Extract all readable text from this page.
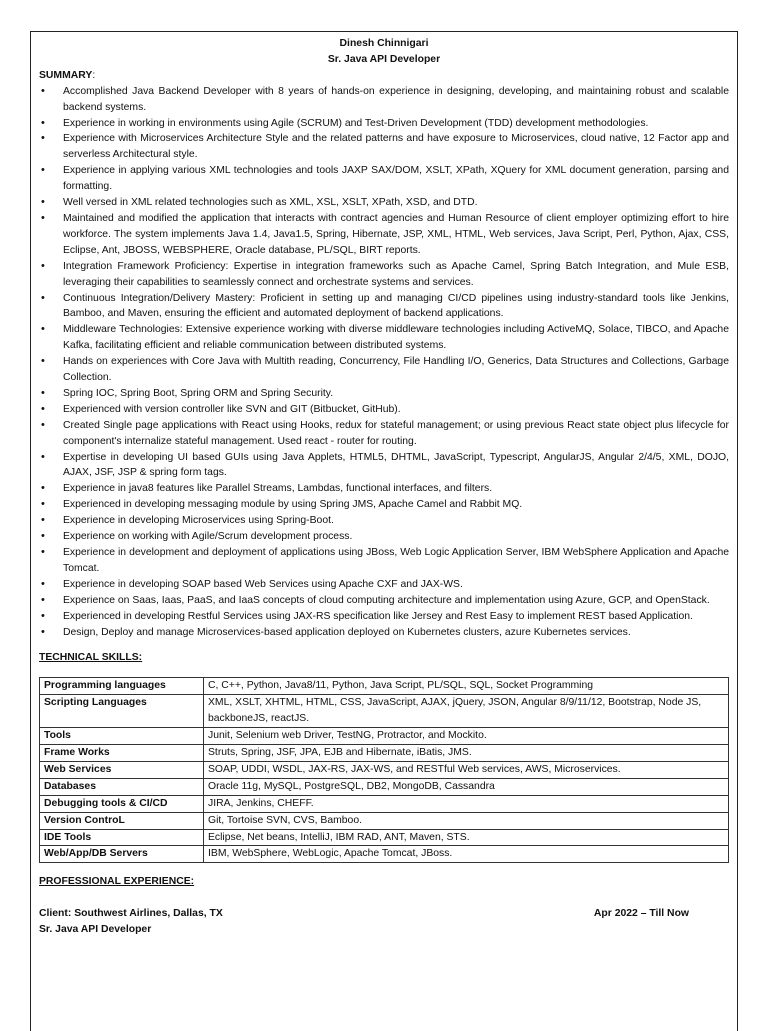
Dinesh Chinnigari
Sr. Java API Developer
SUMMARY:
• Accomplished Java Backend Developer with 8 years of hands-on experience in designing, developing, and maintaining robust and scalable backend systems.
• Experience in working in environments using Agile (SCRUM) and Test-Driven Development (TDD) development methodologies.
• Experience with Microservices Architecture Style and the related patterns and have exposure to Microservices, cloud native, 12 Factor app and serverless Architectural style.
• Experience in applying various XML technologies and tools JAXP SAX/DOM, XSLT, XPath, XQuery for XML document generation, parsing and formatting.
• Well versed in XML related technologies such as XML, XSL, XSLT, XPath, XSD, and DTD.
• Maintained and modified the application that interacts with contract agencies and Human Resource of client employer optimizing effort to hire workforce. The system implements Java 1.4, Java1.5, Spring, Hibernate, JSP, XML, HTML, Web services, Java Script, Perl, Python, Ajax, CSS, Eclipse, Ant, JBOSS, WEBSPHERE, Oracle database, PL/SQL, BIRT reports.
• Integration Framework Proficiency: Expertise in integration frameworks such as Apache Camel, Spring Batch Integration, and Mule ESB, leveraging their capabilities to seamlessly connect and orchestrate systems and services.
• Continuous Integration/Delivery Mastery: Proficient in setting up and managing CI/CD pipelines using industry-standard tools like Jenkins, Bamboo, and Maven, ensuring the efficient and automated deployment of backend applications.
• Middleware Technologies: Extensive experience working with diverse middleware technologies including ActiveMQ, Solace, TIBCO, and Apache Kafka, facilitating efficient and reliable communication between distributed systems.
• Hands on experiences with Core Java with Multith reading, Concurrency, File Handling I/O, Generics, Data Structures and Collections, Garbage Collection.
• Spring IOC, Spring Boot, Spring ORM and Spring Security.
• Experienced with version controller like SVN and GIT (Bitbucket, GitHub).
• Created Single page applications with React using Hooks, redux for stateful management; or using previous React state object plus lifecycle for component's internalize stateful management. Used react - router for routing.
• Expertise in developing UI based GUIs using Java Applets, HTML5, DHTML, JavaScript, Typescript, AngularJS, Angular 2/4/5, XML, DOJO, AJAX, JSF, JSP & spring form tags.
• Experience in java8 features like Parallel Streams, Lambdas, functional interfaces, and filters.
• Experienced in developing messaging module by using Spring JMS, Apache Camel and Rabbit MQ.
• Experience in developing Microservices using Spring-Boot.
• Experience on working with Agile/Scrum development process.
• Experience in development and deployment of applications using JBoss, Web Logic Application Server, IBM WebSphere Application and Apache Tomcat.
• Experience in developing SOAP based Web Services using Apache CXF and JAX-WS.
• Experience on Saas, Iaas, PaaS, and IaaS concepts of cloud computing architecture and implementation using Azure, GCP, and OpenStack.
• Experienced in developing Restful Services using JAX-RS specification like Jersey and Rest Easy to implement REST based Application.
• Design, Deploy and manage Microservices-based application deployed on Kubernetes clusters, azure Kubernetes services.
TECHNICAL SKILLS:
Programming languages	C, C++, Python, Java8/11, Python, Java Script, PL/SQL, SQL, Socket Programming
Scripting Languages	XML, XSLT, XHTML, HTML, CSS, JavaScript, AJAX, jQuery, JSON, Angular 8/9/11/12, Bootstrap, Node JS, backboneJS, reactJS.
Tools	Junit, Selenium web Driver, TestNG, Protractor, and Mockito.
Frame Works	Struts, Spring, JSF, JPA, EJB and Hibernate, iBatis, JMS.
Web Services	SOAP, UDDI, WSDL, JAX-RS, JAX-WS, and RESTful Web services, AWS, Microservices.
Databases	Oracle 11g, MySQL, PostgreSQL, DB2, MongoDB, Cassandra
Debugging tools & CI/CD	JIRA, Jenkins, CHEFF.
Version ControL	Git, Tortoise SVN, CVS, Bamboo.
IDE Tools	Eclipse, Net beans, IntelliJ, IBM RAD, ANT, Maven, STS.
Web/App/DB Servers	IBM, WebSphere, WebLogic, Apache Tomcat, JBoss.
PROFESSIONAL EXPERIENCE:
Client: Southwest Airlines, Dallas, TX	Apr 2022 – Till Now
Sr. Java API Developer
